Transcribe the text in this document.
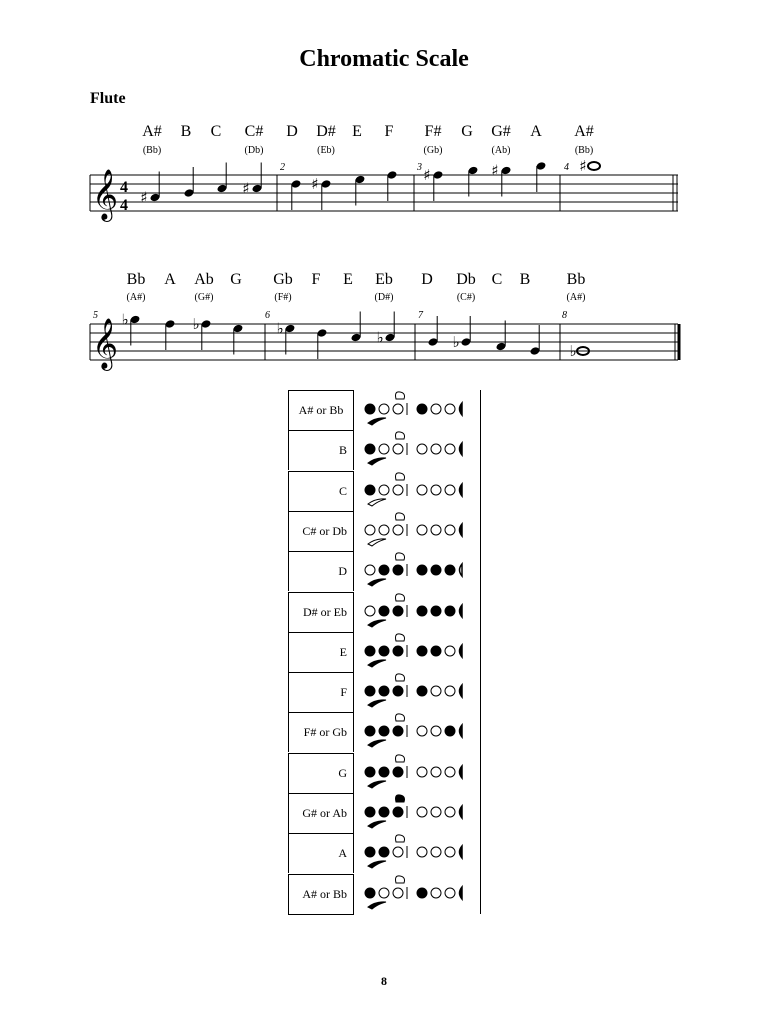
Chromatic Scale
Flute
A#
(Bb)
B C C#
(Db)
D D#
(Eb)
E F F#
(Gb)
G G#
(Ab)
A A#
(Bb)
𝄞 4
4 ♯	♯	♯	♯	♯	♯
2	3	4
Bb
(A#)
A Ab
(G#)
G Gb
(F#)
F E Eb
(D#)
D Db
(C#)
C B Bb
(A#)
𝄞 ♭	♭	♭	♭	♭	♭
5	6	7	8
A# or Bb
B
C
C# or Db
D
D# or Eb
E
F
F# or Gb
G
G# or Ab
A
A# or Bb
8
